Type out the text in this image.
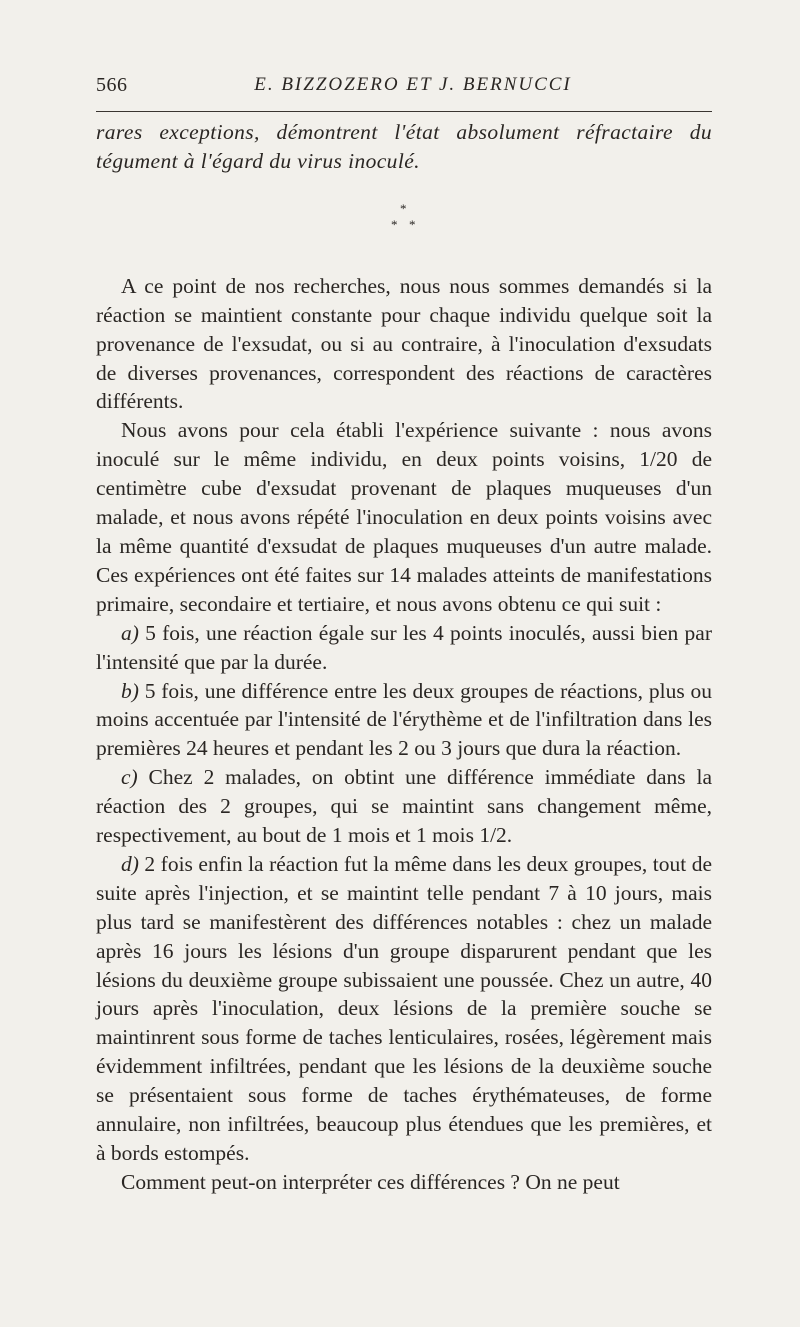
566	E. BIZZOZERO ET J. BERNUCCI

rares exceptions, démontrent l'état absolument réfractaire du tégument à l'égard du virus inoculé.

*
* *

A ce point de nos recherches, nous nous sommes demandés si la réaction se maintient constante pour chaque individu quelque soit la provenance de l'exsudat, ou si au contraire, à l'inoculation d'exsudats de diverses provenances, correspondent des réactions de caractères différents.

Nous avons pour cela établi l'expérience suivante : nous avons inoculé sur le même individu, en deux points voisins, 1/20 de centimètre cube d'exsudat provenant de plaques muqueuses d'un malade, et nous avons répété l'inoculation en deux points voisins avec la même quantité d'exsudat de plaques muqueuses d'un autre malade. Ces expériences ont été faites sur 14 malades atteints de manifestations primaire, secondaire et tertiaire, et nous avons obtenu ce qui suit :

a) 5 fois, une réaction égale sur les 4 points inoculés, aussi bien par l'intensité que par la durée.

b) 5 fois, une différence entre les deux groupes de réactions, plus ou moins accentuée par l'intensité de l'érythème et de l'infiltration dans les premières 24 heures et pendant les 2 ou 3 jours que dura la réaction.

c) Chez 2 malades, on obtint une différence immédiate dans la réaction des 2 groupes, qui se maintint sans changement même, respectivement, au bout de 1 mois et 1 mois 1/2.

d) 2 fois enfin la réaction fut la même dans les deux groupes, tout de suite après l'injection, et se maintint telle pendant 7 à 10 jours, mais plus tard se manifestèrent des différences notables : chez un malade après 16 jours les lésions d'un groupe disparurent pendant que les lésions du deuxième groupe subissaient une poussée. Chez un autre, 40 jours après l'inoculation, deux lésions de la première souche se maintinrent sous forme de taches lenticulaires, rosées, légèrement mais évidemment infiltrées, pendant que les lésions de la deuxième souche se présentaient sous forme de taches érythémateuses, de forme annulaire, non infiltrées, beaucoup plus étendues que les premières, et à bords estompés.

Comment peut-on interpréter ces différences ? On ne peut
